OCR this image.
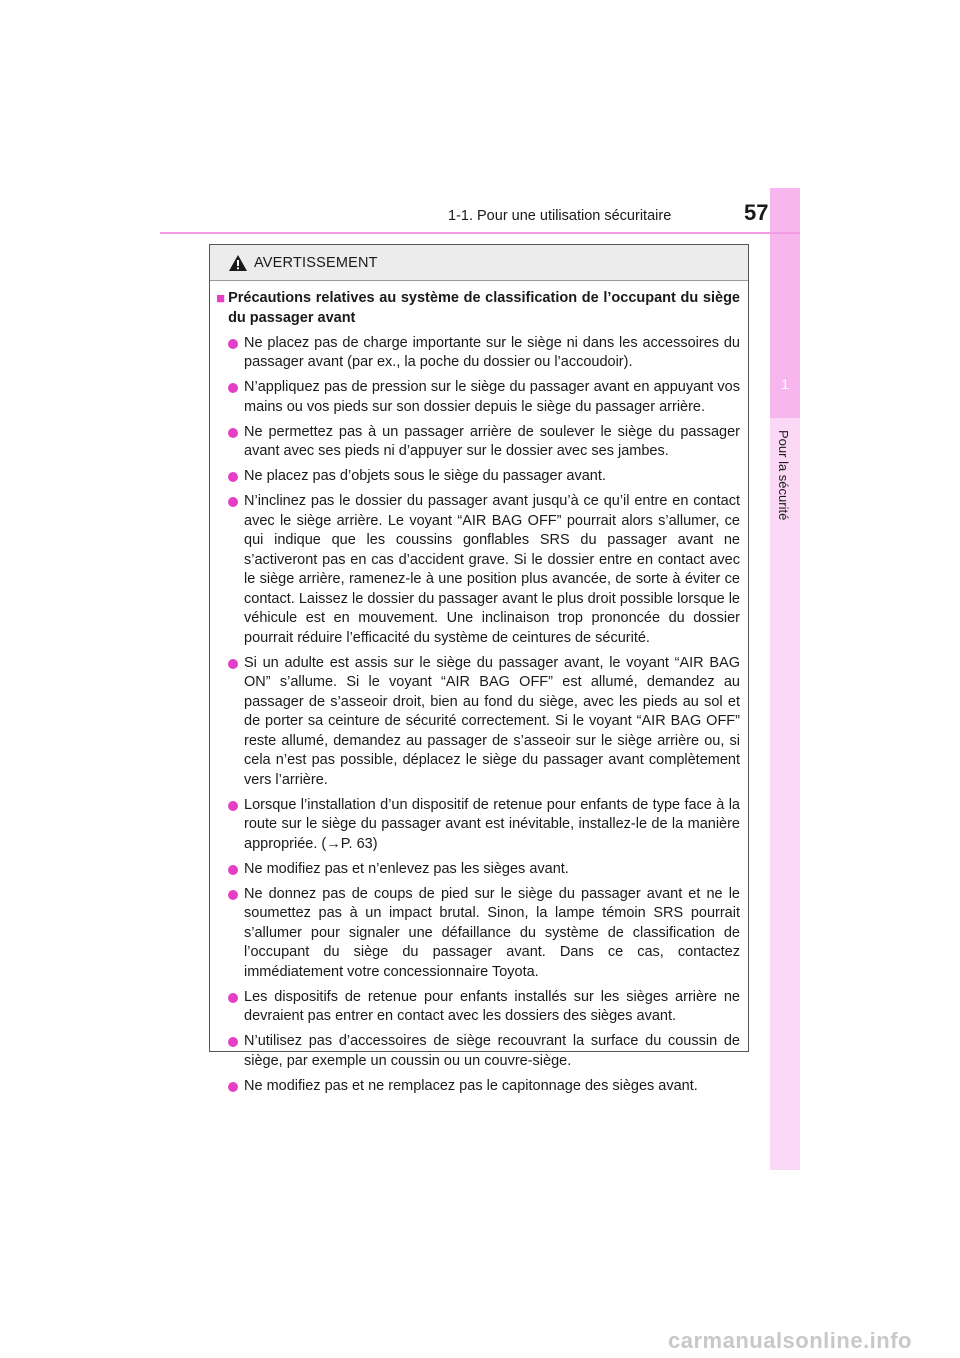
1
Pour la sécurité
1-1. Pour une utilisation sécuritaire	57
AVERTISSEMENT
■ Précautions relatives au système de classification de l’occupant du siège du passager avant
Ne placez pas de charge importante sur le siège ni dans les accessoires du passager avant (par ex., la poche du dossier ou l’accoudoir).
N’appliquez pas de pression sur le siège du passager avant en appuyant vos mains ou vos pieds sur son dossier depuis le siège du passager arrière.
Ne permettez pas à un passager arrière de soulever le siège du passager avant avec ses pieds ni d’appuyer sur le dossier avec ses jambes.
Ne placez pas d’objets sous le siège du passager avant.
N’inclinez pas le dossier du passager avant jusqu’à ce qu’il entre en contact avec le siège arrière. Le voyant “AIR BAG OFF” pourrait alors s’allumer, ce qui indique que les coussins gonflables SRS du passager avant ne s’activeront pas en cas d’accident grave. Si le dossier entre en contact avec le siège arrière, ramenez-le à une position plus avancée, de sorte à éviter ce contact. Laissez le dossier du passager avant le plus droit possible lorsque le véhicule est en mouvement. Une inclinaison trop prononcée du dossier pourrait réduire l’efficacité du système de ceintures de sécurité.
Si un adulte est assis sur le siège du passager avant, le voyant “AIR BAG ON” s’allume. Si le voyant “AIR BAG OFF” est allumé, demandez au passager de s’asseoir droit, bien au fond du siège, avec les pieds au sol et de porter sa ceinture de sécurité correctement. Si le voyant “AIR BAG OFF” reste allumé, demandez au passager de s’asseoir sur le siège arrière ou, si cela n’est pas possible, déplacez le siège du passager avant complètement vers l’arrière.
Lorsque l’installation d’un dispositif de retenue pour enfants de type face à la route sur le siège du passager avant est inévitable, installez-le de la manière appropriée. (→P. 63)
Ne modifiez pas et n’enlevez pas les sièges avant.
Ne donnez pas de coups de pied sur le siège du passager avant et ne le soumettez pas à un impact brutal. Sinon, la lampe témoin SRS pourrait s’allumer pour signaler une défaillance du système de classification de l’occupant du siège du passager avant. Dans ce cas, contactez immédiatement votre concessionnaire Toyota.
Les dispositifs de retenue pour enfants installés sur les sièges arrière ne devraient pas entrer en contact avec les dossiers des sièges avant.
N’utilisez pas d’accessoires de siège recouvrant la surface du coussin de siège, par exemple un coussin ou un couvre-siège.
Ne modifiez pas et ne remplacez pas le capitonnage des sièges avant.
carmanualsonline.info
